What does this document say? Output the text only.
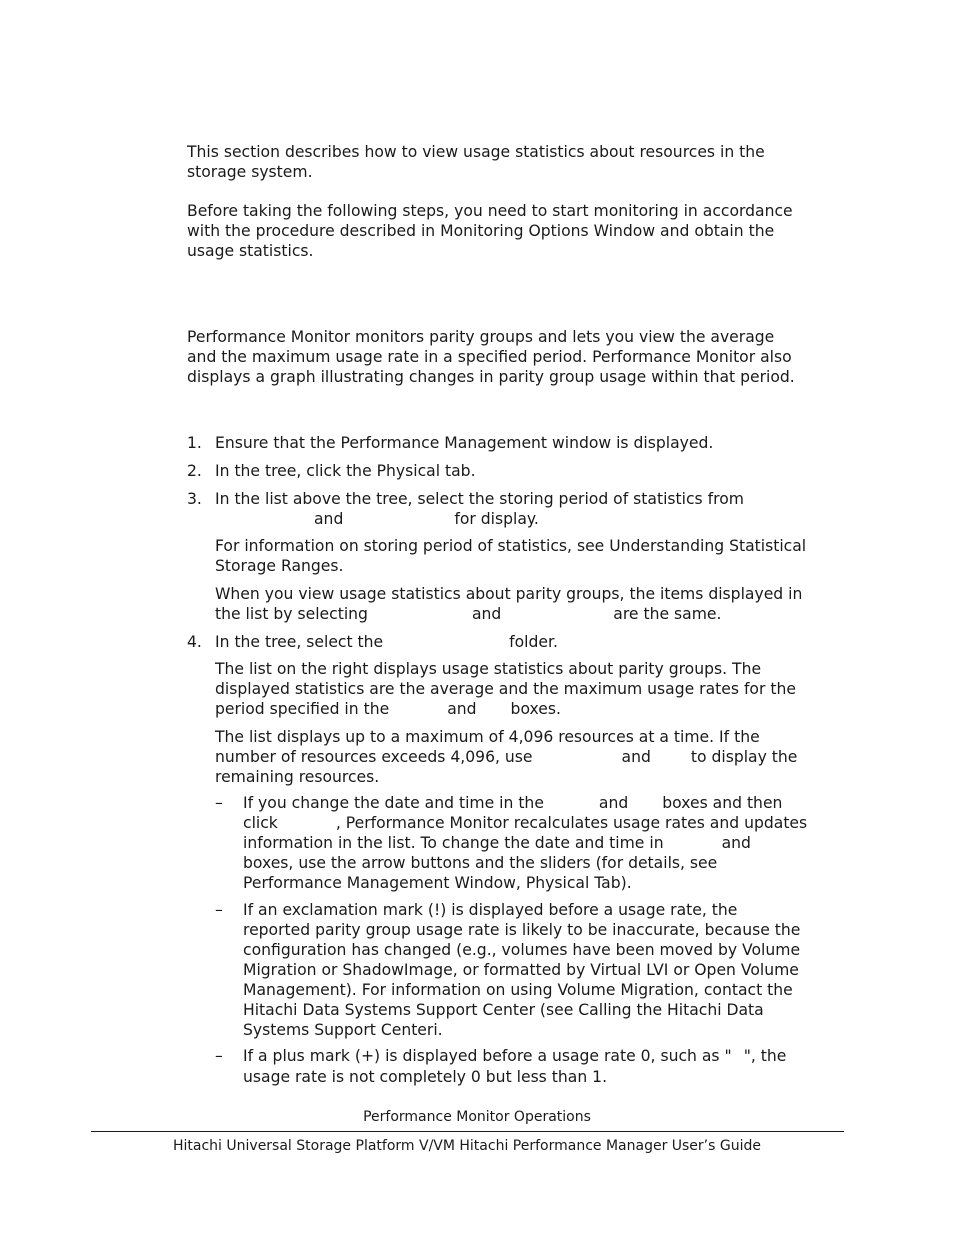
This section describes how to view usage statistics about resources in the
storage system.
Before taking the following steps, you need to start monitoring in accordance
with the procedure described in Monitoring Options Window and obtain the
usage statistics.
Performance Monitor monitors parity groups and lets you view the average
and the maximum usage rate in a specified period. Performance Monitor also
displays a graph illustrating changes in parity group usage within that period.
1. Ensure that the Performance Management window is displayed.
2. In the tree, click the Physical tab.
3. In the list above the tree, select the storing period of statistics from
and	for display.
For information on storing period of statistics, see Understanding Statistical
Storage Ranges.
When you view usage statistics about parity groups, the items displayed in
the list by selecting	and	are the same.
4. In the tree, select the	folder.
The list on the right displays usage statistics about parity groups. The
displayed statistics are the average and the maximum usage rates for the
period specified in the	and boxes.
The list displays up to a maximum of 4,096 resources at a time. If the
number of resources exceeds 4,096, use	and	to display the
remaining resources.
– If you change the date and time in the	and boxes and then
click	, Performance Monitor recalculates usage rates and updates
information in the list. To change the date and time in	and
boxes, use the arrow buttons and the sliders (for details, see
Performance Management Window, Physical Tab).
– If an exclamation mark (!) is displayed before a usage rate, the
reported parity group usage rate is likely to be inaccurate, because the
configuration has changed (e.g., volumes have been moved by Volume
Migration or ShadowImage, or formatted by Virtual LVI or Open Volume
Management). For information on using Volume Migration, contact the
Hitachi Data Systems Support Center (see Calling the Hitachi Data
Systems Support Centeri.
– If a plus mark (+) is displayed before a usage rate 0, such as " ", the
usage rate is not completely 0 but less than 1.
Performance Monitor Operations
Hitachi Universal Storage Platform V/VM Hitachi Performance Manager User’s Guide
